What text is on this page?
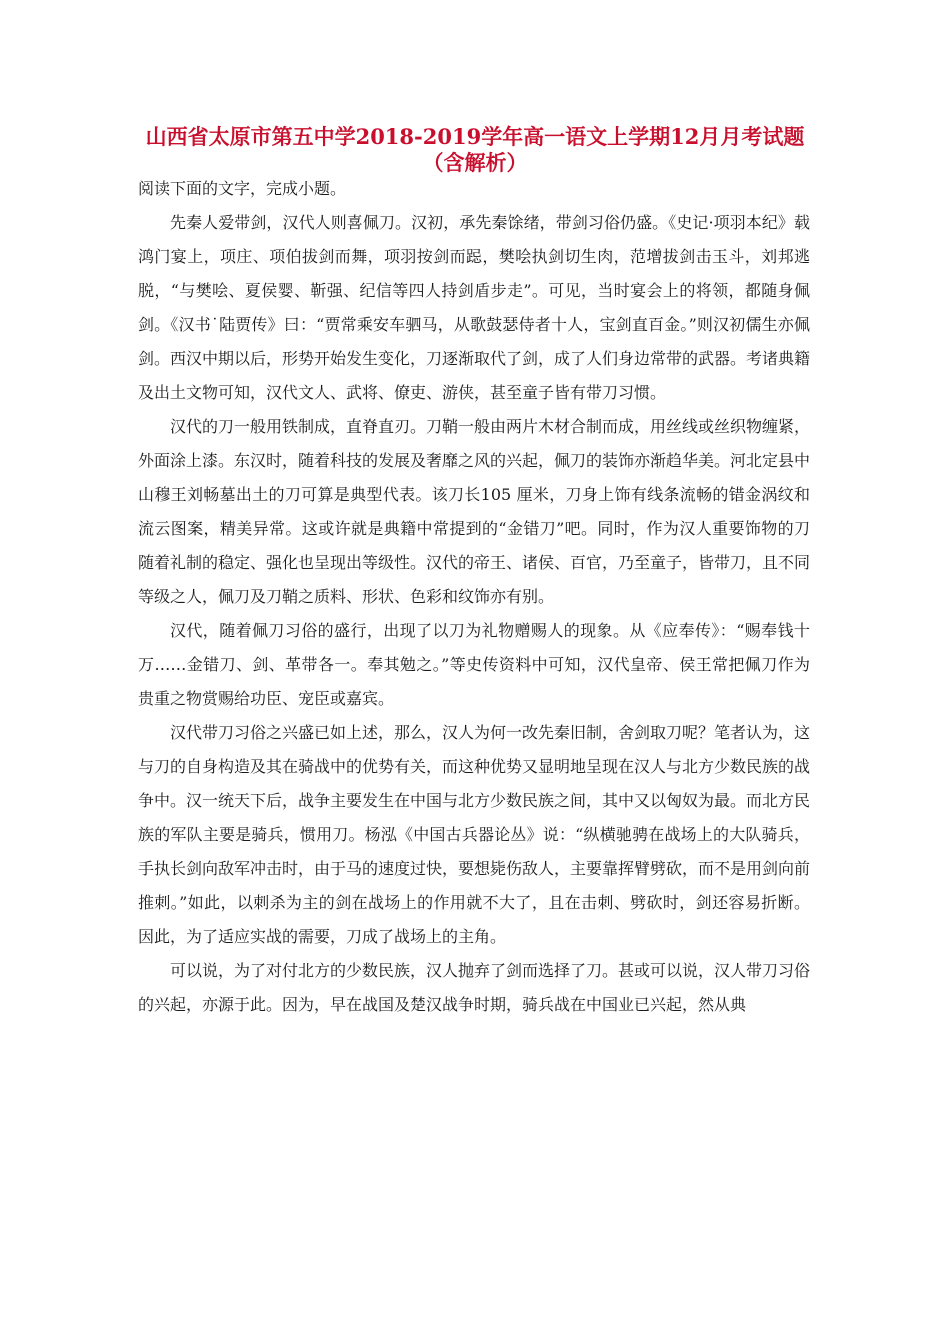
山西省太原市第五中学2018-2019学年高一语文上学期12月月考试题
（含解析）

阅读下面的文字，完成小题。

先秦人爱带剑，汉代人则喜佩刀。汉初，承先秦馀绪，带剑习俗仍盛。《史记·项羽本纪》载鸿门宴上，项庄、项伯拔剑而舞，项羽按剑而跽，樊哙执剑切生肉，范增拔剑击玉斗，刘邦逃脱，“与樊哙、夏侯婴、靳强、纪信等四人持剑盾步走”。可见，当时宴会上的将领，都随身佩剑。《汉书˙陆贾传》曰：“贾常乘安车驷马，从歌鼓瑟侍者十人，宝剑直百金。”则汉初儒生亦佩剑。西汉中期以后，形势开始发生变化，刀逐渐取代了剑，成了人们身边常带的武器。考诸典籍及出土文物可知，汉代文人、武将、僚吏、游侠，甚至童子皆有带刀习惯。

汉代的刀一般用铁制成，直脊直刃。刀鞘一般由两片木材合制而成，用丝线或丝织物缠紧，外面涂上漆。东汉时，随着科技的发展及奢靡之风的兴起，佩刀的装饰亦渐趋华美。河北定县中山穆王刘畅墓出土的刀可算是典型代表。该刀长105 厘米，刀身上饰有线条流畅的错金涡纹和流云图案，精美异常。这或许就是典籍中常提到的“金错刀”吧。同时，作为汉人重要饰物的刀随着礼制的稳定、强化也呈现出等级性。汉代的帝王、诸侯、百官，乃至童子，皆带刀，且不同等级之人，佩刀及刀鞘之质料、形状、色彩和纹饰亦有别。

汉代，随着佩刀习俗的盛行，出现了以刀为礼物赠赐人的现象。从《应奉传》：“赐奉钱十万……金错刀、剑、革带各一。奉其勉之。”等史传资料中可知，汉代皇帝、侯王常把佩刀作为贵重之物赏赐给功臣、宠臣或嘉宾。

汉代带刀习俗之兴盛已如上述，那么，汉人为何一改先秦旧制，舍剑取刀呢？笔者认为，这与刀的自身构造及其在骑战中的优势有关，而这种优势又显明地呈现在汉人与北方少数民族的战争中。汉一统天下后，战争主要发生在中国与北方少数民族之间，其中又以匈奴为最。而北方民族的军队主要是骑兵，惯用刀。杨泓《中国古兵器论丛》说：“纵横驰骋在战场上的大队骑兵，手执长剑向敌军冲击时，由于马的速度过快，要想毙伤敌人，主要靠挥臂劈砍，而不是用剑向前推刺。”如此，以刺杀为主的剑在战场上的作用就不大了，且在击刺、劈砍时，剑还容易折断。因此，为了适应实战的需要，刀成了战场上的主角。

可以说，为了对付北方的少数民族，汉人抛弃了剑而选择了刀。甚或可以说，汉人带刀习俗的兴起，亦源于此。因为，早在战国及楚汉战争时期，骑兵战在中国业已兴起，然从典
